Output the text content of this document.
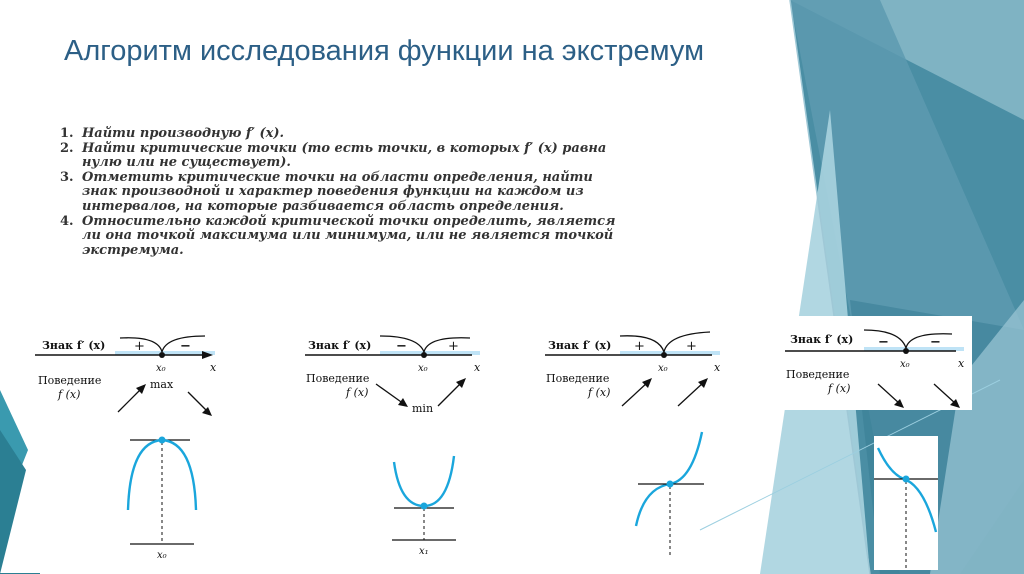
Алгоритм исследования функции на экстремум
1. Найти производную f′ (x).
2. Найти критические точки (то есть точки, в которых f′ (x) равна нулю или не существует).
3. Отметить критические точки на области определения, найти знак производной и характер поведения функции на каждом из интервалов, на которые разбивается область определения.
4. Относительно каждой критической точки определить, является ли она точкой максимума или минимума, или не является точкой экстремума.
Знак f′ (x) +	−
x₀	x
Поведение
f (x)
max
x₀
Знак f′ (x) −	+
x₀	x
Поведение
f (x)
min
x₁
Знак f′ (x) +	+
x₀	x
Поведение
f (x)
Знак f′ (x) −	−
x₀	x
Поведение
f (x)
